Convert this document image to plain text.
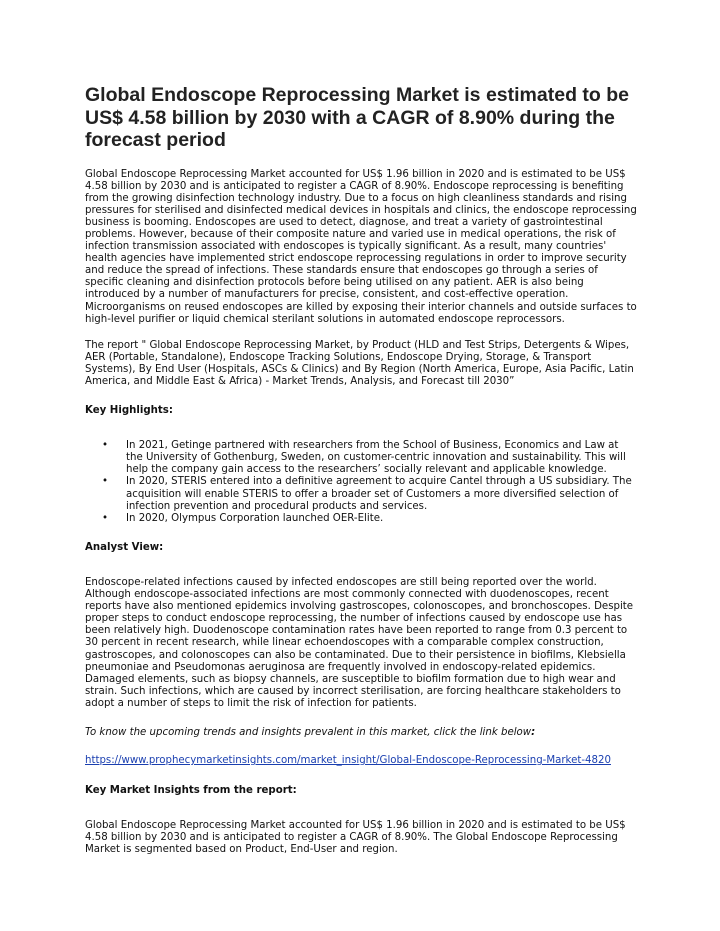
Global Endoscope Reprocessing Market is estimated to be US$ 4.58 billion by 2030 with a CAGR of 8.90% during the forecast period

Global Endoscope Reprocessing Market accounted for US$ 1.96 billion in 2020 and is estimated to be US$ 4.58 billion by 2030 and is anticipated to register a CAGR of 8.90%. Endoscope reprocessing is benefiting from the growing disinfection technology industry. Due to a focus on high cleanliness standards and rising pressures for sterilised and disinfected medical devices in hospitals and clinics, the endoscope reprocessing business is booming. Endoscopes are used to detect, diagnose, and treat a variety of gastrointestinal problems. However, because of their composite nature and varied use in medical operations, the risk of infection transmission associated with endoscopes is typically significant. As a result, many countries' health agencies have implemented strict endoscope reprocessing regulations in order to improve security and reduce the spread of infections. These standards ensure that endoscopes go through a series of specific cleaning and disinfection protocols before being utilised on any patient. AER is also being introduced by a number of manufacturers for precise, consistent, and cost-effective operation. Microorganisms on reused endoscopes are killed by exposing their interior channels and outside surfaces to high-level purifier or liquid chemical sterilant solutions in automated endoscope reprocessors.

The report " Global Endoscope Reprocessing Market, by Product (HLD and Test Strips, Detergents & Wipes, AER (Portable, Standalone), Endoscope Tracking Solutions, Endoscope Drying, Storage, & Transport Systems), By End User (Hospitals, ASCs & Clinics) and By Region (North America, Europe, Asia Pacific, Latin America, and Middle East & Africa) - Market Trends, Analysis, and Forecast till 2030”

Key Highlights:
• In 2021, Getinge partnered with researchers from the School of Business, Economics and Law at the University of Gothenburg, Sweden, on customer-centric innovation and sustainability. This will help the company gain access to the researchers’ socially relevant and applicable knowledge.
• In 2020, STERIS entered into a definitive agreement to acquire Cantel through a US subsidiary. The acquisition will enable STERIS to offer a broader set of Customers a more diversified selection of infection prevention and procedural products and services.
• In 2020, Olympus Corporation launched OER-Elite.
Analyst View:

Endoscope-related infections caused by infected endoscopes are still being reported over the world. Although endoscope-associated infections are most commonly connected with duodenoscopes, recent reports have also mentioned epidemics involving gastroscopes, colonoscopes, and bronchoscopes. Despite proper steps to conduct endoscope reprocessing, the number of infections caused by endoscope use has been relatively high. Duodenoscope contamination rates have been reported to range from 0.3 percent to 30 percent in recent research, while linear echoendoscopes with a comparable complex construction, gastroscopes, and colonoscopes can also be contaminated. Due to their persistence in biofilms, Klebsiella pneumoniae and Pseudomonas aeruginosa are frequently involved in endoscopy-related epidemics. Damaged elements, such as biopsy channels, are susceptible to biofilm formation due to high wear and strain. Such infections, which are caused by incorrect sterilisation, are forcing healthcare stakeholders to adopt a number of steps to limit the risk of infection for patients.

To know the upcoming trends and insights prevalent in this market, click the link below:

https://www.prophecymarketinsights.com/market_insight/Global-Endoscope-Reprocessing-Market-4820
Key Market Insights from the report:

Global Endoscope Reprocessing Market accounted for US$ 1.96 billion in 2020 and is estimated to be US$ 4.58 billion by 2030 and is anticipated to register a CAGR of 8.90%. The Global Endoscope Reprocessing Market is segmented based on Product, End-User and region.
